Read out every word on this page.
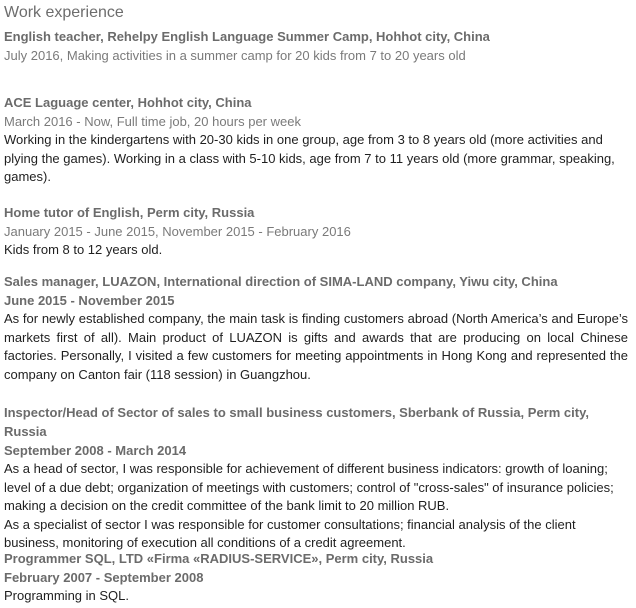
Work experience
English teacher, Rehelpy English Language Summer Camp, Hohhot city, China
July 2016, Making activities in a summer camp for 20 kids from 7 to 20 years old
ACE Laguage center, Hohhot city, China
March 2016 - Now, Full time job, 20 hours per week

Working in the kindergartens with 20-30 kids in one group, age from 3 to 8 years old (more activities and plying the games). Working in a class with 5-10 kids, age from 7 to 11 years old (more grammar, speaking, games).

Home tutor of English, Perm city, Russia
January 2015 - June 2015, November 2015 - February 2016

Kids from 8 to 12 years old.

Sales manager, LUAZON, International direction of SIMA-LAND company, Yiwu city, China
June 2015 - November 2015

As for newly established company, the main task is finding customers abroad (North America’s and Europe’s markets first of all). Main product of LUAZON is gifts and awards that are producing on local Chinese factories. Personally, I visited a few customers for meeting appointments in Hong Kong and represented the company on Canton fair (118 session) in Guangzhou.

Inspector/Head of Sector of sales to small business customers, Sberbank of Russia, Perm city, Russia
September 2008 - March 2014

As a head of sector, I was responsible for achievement of different business indicators: growth of loaning; level of a due debt; organization of meetings with customers; control of "cross-sales" of insurance policies; making a decision on the credit committee of the bank limit to 20 million RUB.

As a specialist of sector I was responsible for customer consultations; financial analysis of the client business, monitoring of execution all conditions of a credit agreement.

Programmer SQL, LTD «Firma «RADIUS-SERVICE», Perm city, Russia
February 2007 - September 2008

Programming in SQL.
